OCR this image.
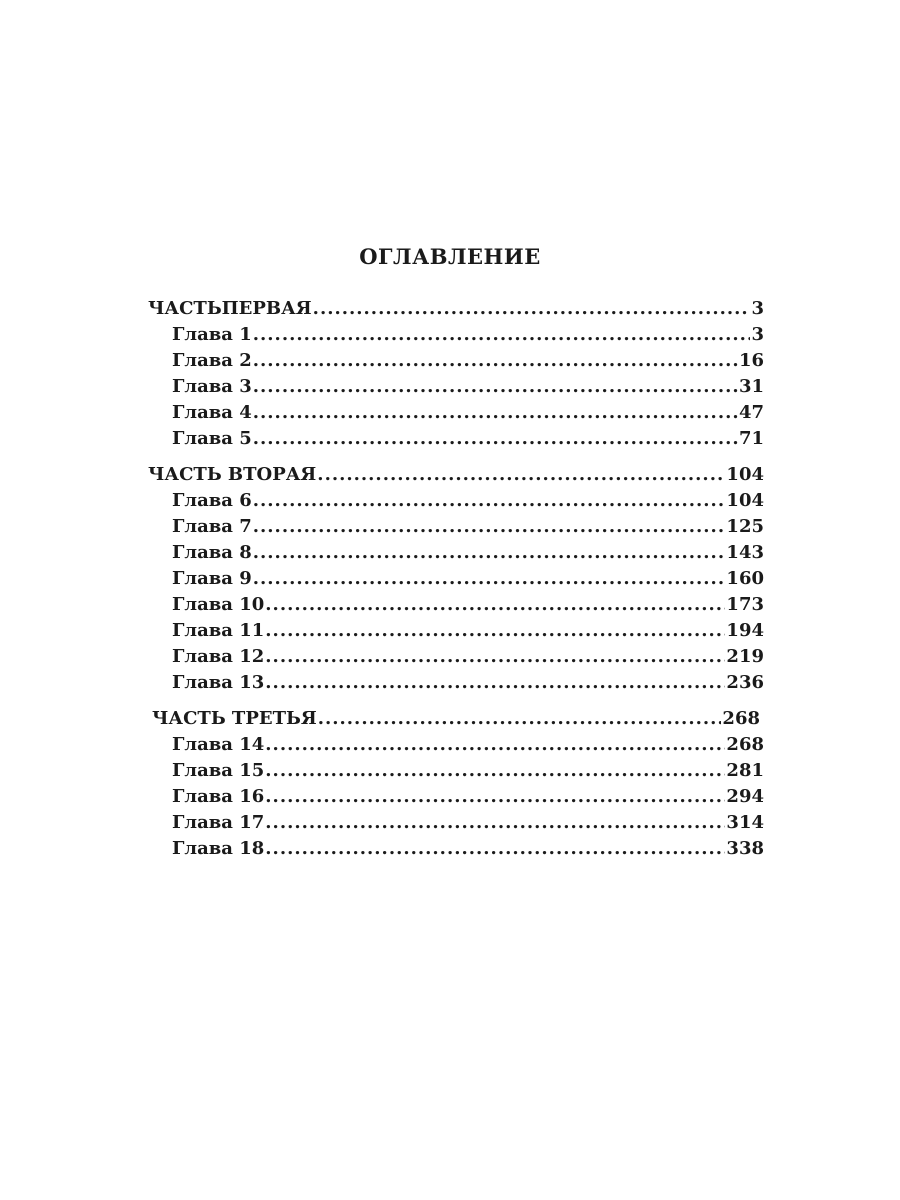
ОГЛАВЛЕНИЕ
ЧАСТЬПЕРВАЯ .....	3
Глава 1 .....	3
Глава 2 .....	16
Глава 3 .....	31
Глава 4 .....	47
Глава 5 .....	71
ЧАСТЬ ВТОРАЯ .....	104
Глава 6 .....	104
Глава 7 .....	125
Глава 8 .....	143
Глава 9 .....	160
Глава 10 .....	173
Глава 11 .....	194
Глава 12 .....	219
Глава 13 .....	236
ЧАСТЬ ТРЕТЬЯ .....	268
Глава 14 .....	268
Глава 15 .....	281
Глава 16 .....	294
Глава 17 .....	314
Глава 18 .....	338
